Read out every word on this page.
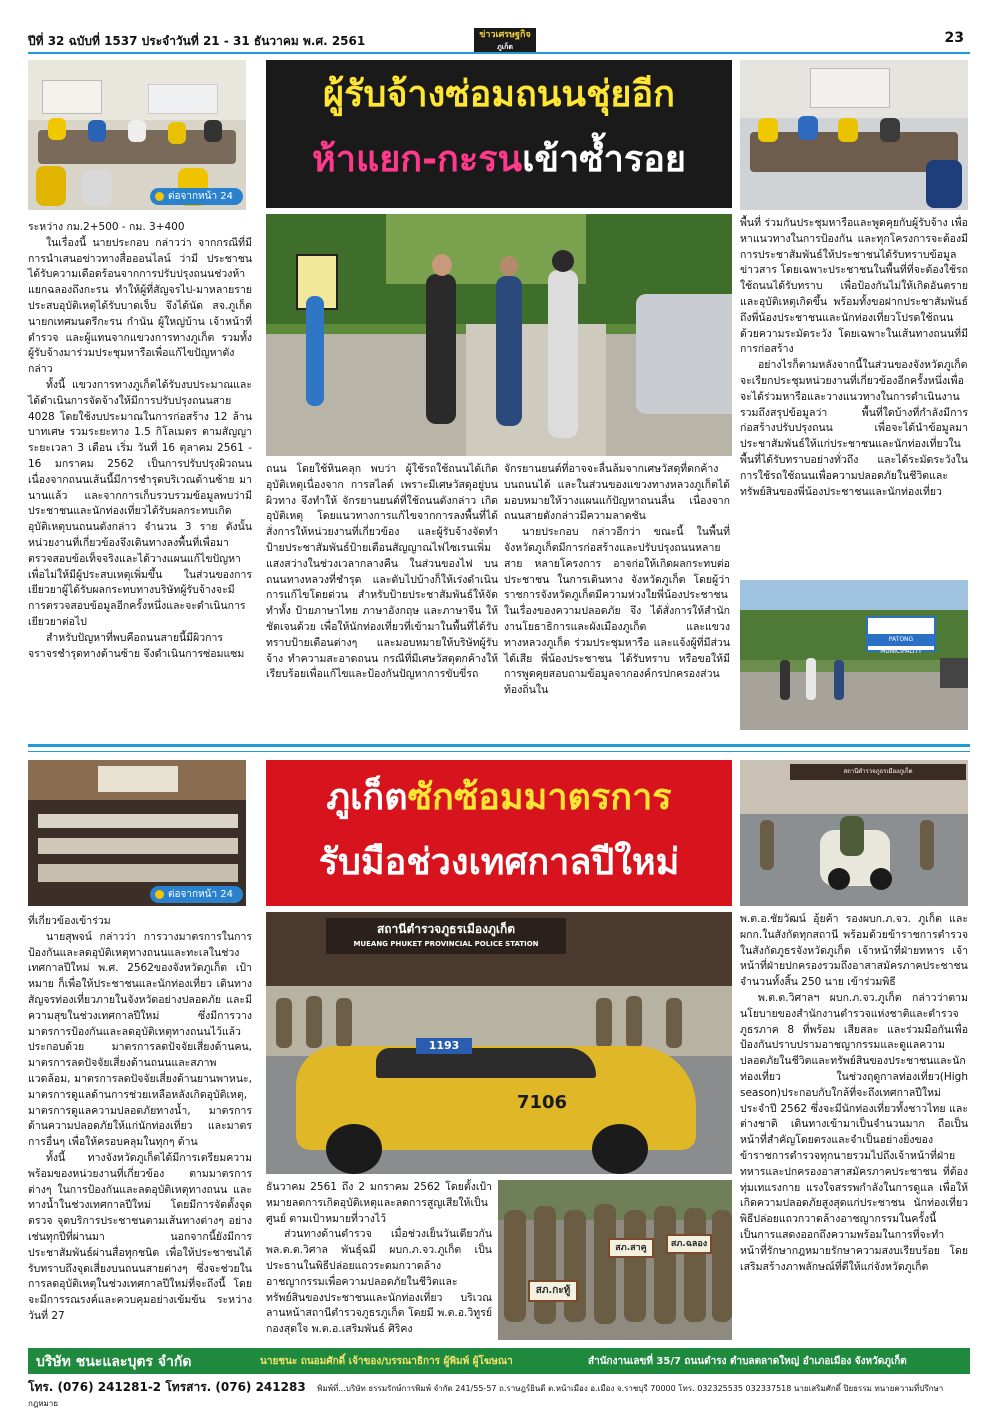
ปีที่ 32 ฉบับที่ 1537 ประจำวันที่ 21 - 31 ธันวาคม พ.ศ. 2561	ข่าวเศรษฐกิจ
ภูเก็ต
23
ต่อจากหน้า 24
ผู้รับจ้างซ่อมถนนชุ่ยอีก
ห้าแยก-กะรนเข้าซ้ำรอย

ระหว่าง กม.2+500 - กม. 3+400

ในเรื่องนี้ นายประกอบ กล่าวว่า จากกรณีที่มีการนำเสนอข่าวทางสื่อออนไลน์ ว่ามี ประชาชนได้รับความเดือดร้อนจากการปรับปรุงถนนช่วงห้าแยกฉลองถึงกะรน ทำให้ผู้ที่สัญจรไป-มาหลายรายประสบอุบัติเหตุได้รับบาดเจ็บ จึงได้นัด สจ.ภูเก็ต นายกเทศมนตรีกะรน กำนัน ผู้ใหญ่บ้าน เจ้าหน้าที่ตำรวจ และผู้แทนจากแขวงการทางภูเก็ต รวมทั้งผู้รับจ้างมาร่วมประชุมหารือเพื่อแก้ไขปัญหาดังกล่าว

ทั้งนี้ แขวงการทางภูเก็ตได้รับงบประมาณและได้ดำเนินการจัดจ้างให้มีการปรับปรุงถนนสาย 4028 โดยใช้งบประมาณในการก่อสร้าง 12 ล้านบาทเศษ รวมระยะทาง 1.5 กิโลเมตร ตามสัญญา ระยะเวลา 3 เดือน เริ่ม วันที่ 16 ตุลาคม 2561 - 16 มกราคม 2562 เป็นการปรับปรุงผิวถนนเนื่องจากถนนเส้นนี้มีการชำรุดบริเวณด้านซ้าย มานานแล้ว และจากการเก็บรวบรวมข้อมูลพบว่ามีประชาชนและนักท่องเที่ยวได้รับผลกระทบเกิดอุบัติเหตุบนถนนดังกล่าว จำนวน 3 ราย ดังนั้นหน่วยงานที่เกี่ยวข้องจึงเดินทางลงพื้นที่เพื่อมาตรวจสอบข้อเท็จจริงและได้วางแผนแก้ไขปัญหาเพื่อไม่ให้มีผู้ประสบเหตุเพิ่มขึ้น ในส่วนของการเยียวยาผู้ได้รับผลกระทบทางบริษัทผู้รับจ้างจะมีการตรวจสอบข้อมูลอีกครั้งหนึ่งและจะดำเนินการเยียวยาต่อไป

สำหรับปัญหาที่พบคือถนนสายนี้มีผิวการจราจรชำรุดทางด้านซ้าย จึงดำเนินการซ่อมแซม

ถนน โดยใช้หินคลุก พบว่า ผู้ใช้รถใช้ถนนได้เกิดอุบัติเหตุเนื่องจาก การสไลด์ เพราะมีเศษวัสดุอยู่บนผิวทาง จึงทำให้ จักรยานยนต์ที่ใช้ถนนดังกล่าว เกิดอุบัติเหตุ โดยแนวทางการแก้ไขจากการลงพื้นที่ได้สั่งการให้หน่วยงานที่เกี่ยวข้อง และผู้รับจ้างจัดทำป้ายประชาสัมพันธ์ป้ายเตือนสัญญาณไฟไซเรนเพิ่มแสงสว่างในช่วงเวลากลางคืน ในส่วนของไฟ บนถนนทางหลวงที่ชำรุด และดับไปบ้างก็ให้เร่งดำเนินการแก้ไขโดยด่วน สำหรับป้ายประชาสัมพันธ์ให้จัดทำทั้ง ป้ายภาษาไทย ภาษาอังกฤษ และภาษาจีน ให้ชัดเจนด้วย เพื่อให้นักท่องเที่ยวที่เข้ามาในพื้นที่ได้รับทราบป้ายเตือนต่างๆ และมอบหมายให้บริษัทผู้รับจ้าง ทำความสะอาดถนน กรณีที่มีเศษวัสดุตกค้างให้เรียบร้อยเพื่อแก้ไขและป้องกันปัญหาการขับขี่รถ

จักรยานยนต์ที่อาจจะลื่นล้มจากเศษวัสดุที่ตกค้างบนถนนได้ และในส่วนของแขวงทางหลวงภูเก็ตได้มอบหมายให้วางแผนแก้ปัญหาถนนลื่น เนื่องจากถนนสายดังกล่าวมีความลาดชัน

นายประกอบ กล่าวอีกว่า ขณะนี้ ในพื้นที่จังหวัดภูเก็ตมีการก่อสร้างและปรับปรุงถนนหลายสาย หลายโครงการ อาจก่อให้เกิดผลกระทบต่อประชาชน ในการเดินทาง จังหวัดภูเก็ต โดยผู้ว่าราชการจังหวัดภูเก็ตมีความห่วงใยพี่น้องประชาชนในเรื่องของความปลอดภัย จึง ได้สั่งการให้สำนักงานโยธาธิการและผังเมืองภูเก็ต และแขวงทางหลวงภูเก็ต ร่วมประชุมหารือ และแจ้งผู้ที่มีส่วนได้เสีย พี่น้องประชาชน ได้รับทราบ หรือขอให้มีการพูดคุยสอบถามข้อมูลจากองค์กรปกครองส่วนท้องถิ่นใน

พื้นที่ ร่วมกันประชุมหารือและพูดคุยกับผู้รับจ้าง เพื่อหาแนวทางในการป้องกัน และทุกโครงการจะต้องมีการประชาสัมพันธ์ให้ประชาชนได้รับทราบข้อมูลข่าวสาร โดยเฉพาะประชาชนในพื้นที่ที่จะต้องใช้รถใช้ถนนได้รับทราบ เพื่อป้องกันไม่ให้เกิดอันตรายและอุบัติเหตุเกิดขึ้น พร้อมทั้งขอฝากประชาสัมพันธ์ถึงพี่น้องประชาชนและนักท่องเที่ยวโปรดใช้ถนนด้วยความระมัดระวัง โดยเฉพาะในเส้นทางถนนที่มีการก่อสร้าง

อย่างไรก็ตามหลังจากนี้ในส่วนของจังหวัดภูเก็ตจะเรียกประชุมหน่วยงานที่เกี่ยวข้องอีกครั้งหนึ่งเพื่อจะได้ร่วมหารือและวางแนวทางในการดำเนินงานรวมถึงสรุปข้อมูลว่า พื้นที่ใดบ้างที่กำลังมีการก่อสร้างปรับปรุงถนน เพื่อจะได้นำข้อมูลมาประชาสัมพันธ์ให้แก่ประชาชนและนักท่องเที่ยวในพื้นที่ได้รับทราบอย่างทั่วถึง และได้ระมัดระวังในการใช้รถใช้ถนนเพื่อความปลอดภัยในชีวิตและทรัพย์สินของพี่น้องประชาชนและนักท่องเที่ยว

PATONG MUNICIPALITY
ต่อจากหน้า 24
ภูเก็ตซักซ้อมมาตรการ
รับมือช่วงเทศกาลปีใหม่
สถานีตำรวจภูธรเมืองภูเก็ต
สถานีตำรวจภูธรเมืองภูเก็ต
MUEANG PHUKET PROVINCIAL POLICE STATION
1193
7106

ที่เกี่ยวข้องเข้าร่วม

นายสุพจน์ กล่าวว่า การวางมาตรการในการป้องกันและลดอุบัติเหตุทางถนนและทะเลในช่วงเทศกาลปีใหม่ พ.ศ. 2562ของจังหวัดภูเก็ต เป้าหมาย ก็เพื่อให้ประชาชนและนักท่องเที่ยว เดินทางสัญจรท่องเที่ยวภายในจังหวัดอย่างปลอดภัย และมีความสุขในช่วงเทศกาลปีใหม่ ซึ่งมีการวางมาตรการป้องกันและลดอุบัติเหตุทางถนนไว้แล้วประกอบด้วย มาตรการลดปัจจัยเสี่ยงด้านคน, มาตรการลดปัจจัยเสี่ยงด้านถนนและสภาพแวดล้อม, มาตรการลดปัจจัยเสี่ยงด้านยานพาหนะ, มาตรการดูแลด้านการช่วยเหลือหลังเกิดอุบัติเหตุ, มาตรการดูแลความปลอดภัยทางน้ำ, มาตรการด้านความปลอดภัยให้แก่นักท่องเที่ยว และมาตรการอื่นๆ เพื่อให้ครอบคลุมในทุกๆ ด้าน

ทั้งนี้ ทางจังหวัดภูเก็ตได้มีการเตรียมความพร้อมของหน่วยงานที่เกี่ยวข้อง ตามมาตรการต่างๆ ในการป้องกันและลดอุบัติเหตุทางถนน และทางน้ำในช่วงเทศกาลปีใหม่ โดยมีการจัดตั้งจุดตรวจ จุดบริการประชาชนตามเส้นทางต่างๆ อย่างเช่นทุกปีที่ผ่านมา นอกจากนี้ยังมีการประชาสัมพันธ์ผ่านสื่อทุกชนิด เพื่อให้ประชาชนได้รับทราบถึงจุดเสี่ยงบนถนนสายต่างๆ ซึ่งจะช่วยในการลดอุบัติเหตุในช่วงเทศกาลปีใหม่ที่จะถึงนี้ โดยจะมีการรณรงค์และควบคุมอย่างเข้มข้น ระหว่างวันที่ 27

ธันวาคม 2561 ถึง 2 มกราคม 2562 โดยตั้งเป้าหมายลดการเกิดอุบัติเหตุและลดการสูญเสียให้เป็นศูนย์ ตามเป้าหมายที่วางไว้

ส่วนทางด้านตำรวจ เมื่อช่วงเย็นวันเดียวกัน พล.ต.ต.วิศาล พันธุ์ฉมี ผบก.ภ.จว.ภูเก็ต เป็นประธานในพิธีปล่อยแถวระดมกวาดล้างอาชญากรรมเพื่อความปลอดภัยในชีวิตและทรัพย์สินของประชาชนและนักท่องเที่ยว บริเวณลานหน้าสถานีตำรวจภูธรภูเก็ต โดยมี พ.ต.อ.วิทูรย์ กองสุดใจ พ.ต.อ.เสริมพันธ์ ศิริคง

สภ.กะทู้
สภ.สาคู	สภ.ฉลอง

พ.ต.อ.ชัยวัฒน์ อุ้ยค้า รองผบก.ภ.จว. ภูเก็ต และผกก.ในสังกัดทุกสถานี พร้อมด้วยข้าราชการตำรวจในสังกัดภูธรจังหวัดภูเก็ต เจ้าหน้าที่ฝ่ายทหาร เจ้าหน้าที่ฝ่ายปกครองรวมถึงอาสาสมัครภาคประชาชน จำนวนทั้งสิ้น 250 นาย เข้าร่วมพิธี

พ.ต.ต.วิศาลฯ ผบก.ภ.จว.ภูเก็ต กล่าวว่าตามนโยบายของสำนักงานตำรวจแห่งชาติและตำรวจภูธรภาค 8 ที่พร้อม เสียสละ และร่วมมือกันเพื่อป้องกันปราบปรามอาชญากรรมและดูแลความปลอดภัยในชีวิตและทรัพย์สินของประชาชนและนักท่องเที่ยว ในช่วงฤดูกาลท่องเที่ยว(High season)ประกอบกับใกล้ที่จะถึงเทศกาลปีใหม่ประจำปี 2562 ซึ่งจะมีนักท่องเที่ยวทั้งชาวไทย และต่างชาติ เดินทางเข้ามาเป็นจำนวนมาก ถือเป็นหน้าที่สำคัญโดยตรงและจำเป็นอย่างยิ่งของข้าราชการตำรวจทุกนายรวมไปถึงเจ้าหน้าที่ฝ่ายทหารและปกครองอาสาสมัครภาคประชาชน ที่ต้องทุ่มเทแรงกาย แรงใจสรรพกำลังในการดูแล เพื่อให้เกิดความปลอดภัยสูงสุดแก่ประชาชน นักท่องเที่ยว พิธีปล่อยแถวกวาดล้างอาชญากรรมในครั้งนี้ เป็นการแสดงออกถึงความพร้อมในการที่จะทำหน้าที่รักษากฎหมายรักษาความสงบเรียบร้อย โดยเสริมสร้างภาพลักษณ์ที่ดีให้แก่จังหวัดภูเก็ต

บริษัท ชนะและบุตร จำกัด	นายชนะ ถนอมศักดิ์ เจ้าของ/บรรณาธิการ ผู้พิมพ์ ผู้โฆษณา	สำนักงานเลขที่ 35/7 ถนนดำรง ตำบลตลาดใหญ่ อำเภอเมือง จังหวัดภูเก็ต
โทร. (076) 241281-2 โทรสาร. (076) 241283 พิมพ์ที่...บริษัท ธรรมรักษ์การพิมพ์ จำกัด 241/55-57 ถ.ราษฎร์ยินดี ต.หน้าเมือง อ.เมือง จ.ราชบุรี 70000 โทร. 032325535 032337518 นายเสริมศักดิ์ ปิยธรรม ทนายความที่ปรึกษากฎหมาย
